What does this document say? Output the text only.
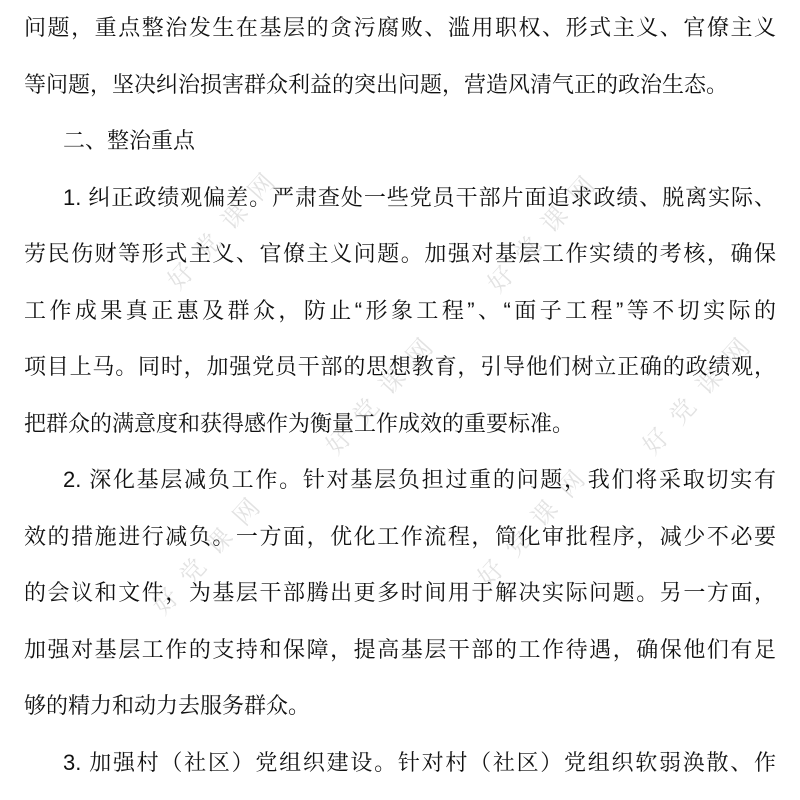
好党课网	好党课网
好党课网	好党课网
好党课网	好党课网

问题，重点整治发生在基层的贪污腐败、滥用职权、形式主义、官僚主义

等问题，坚决纠治损害群众利益的突出问题，营造风清气正的政治生态。

二、整治重点

1. 纠正政绩观偏差。严肃查处一些党员干部片面追求政绩、脱离实际、

劳民伤财等形式主义、官僚主义问题。加强对基层工作实绩的考核，确保

工作成果真正惠及群众，防止“形象工程”、“面子工程”等不切实际的

项目上马。同时，加强党员干部的思想教育，引导他们树立正确的政绩观，

把群众的满意度和获得感作为衡量工作成效的重要标准。

2. 深化基层减负工作。针对基层负担过重的问题，我们将采取切实有

效的措施进行减负。一方面，优化工作流程，简化审批程序，减少不必要

的会议和文件，为基层干部腾出更多时间用于解决实际问题。另一方面，

加强对基层工作的支持和保障，提高基层干部的工作待遇，确保他们有足

够的精力和动力去服务群众。

3. 加强村（社区）党组织建设。针对村（社区）党组织软弱涣散、作
